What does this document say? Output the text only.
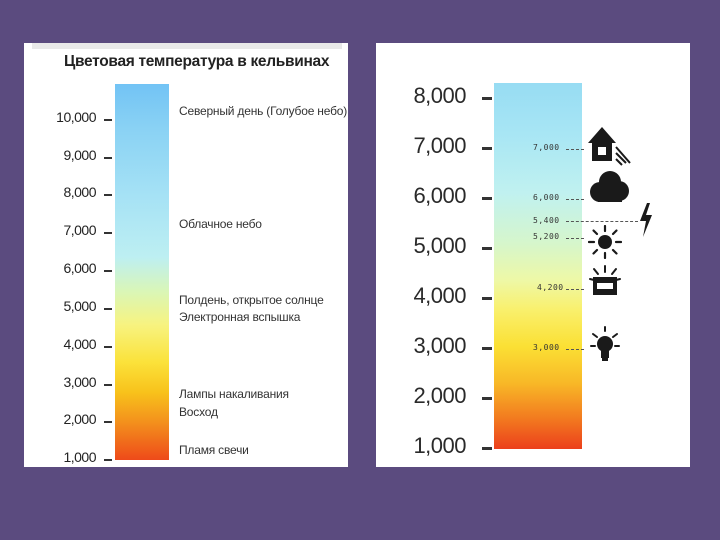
Цветовая температура в кельвинах
10,000
9,000
8,000
7,000
6,000
5,000
4,000
3,000
2,000
1,000
Северный день (Голубое небо)
Облачное небо
Полдень, открытое солнце
Электронная вспышка
Лампы накаливания
Восход
Пламя свечи
8,000
7,000
6,000
5,000
4,000
3,000
2,000
1,000
7,000
6,000
5,400
5,200
4,200
3,000
